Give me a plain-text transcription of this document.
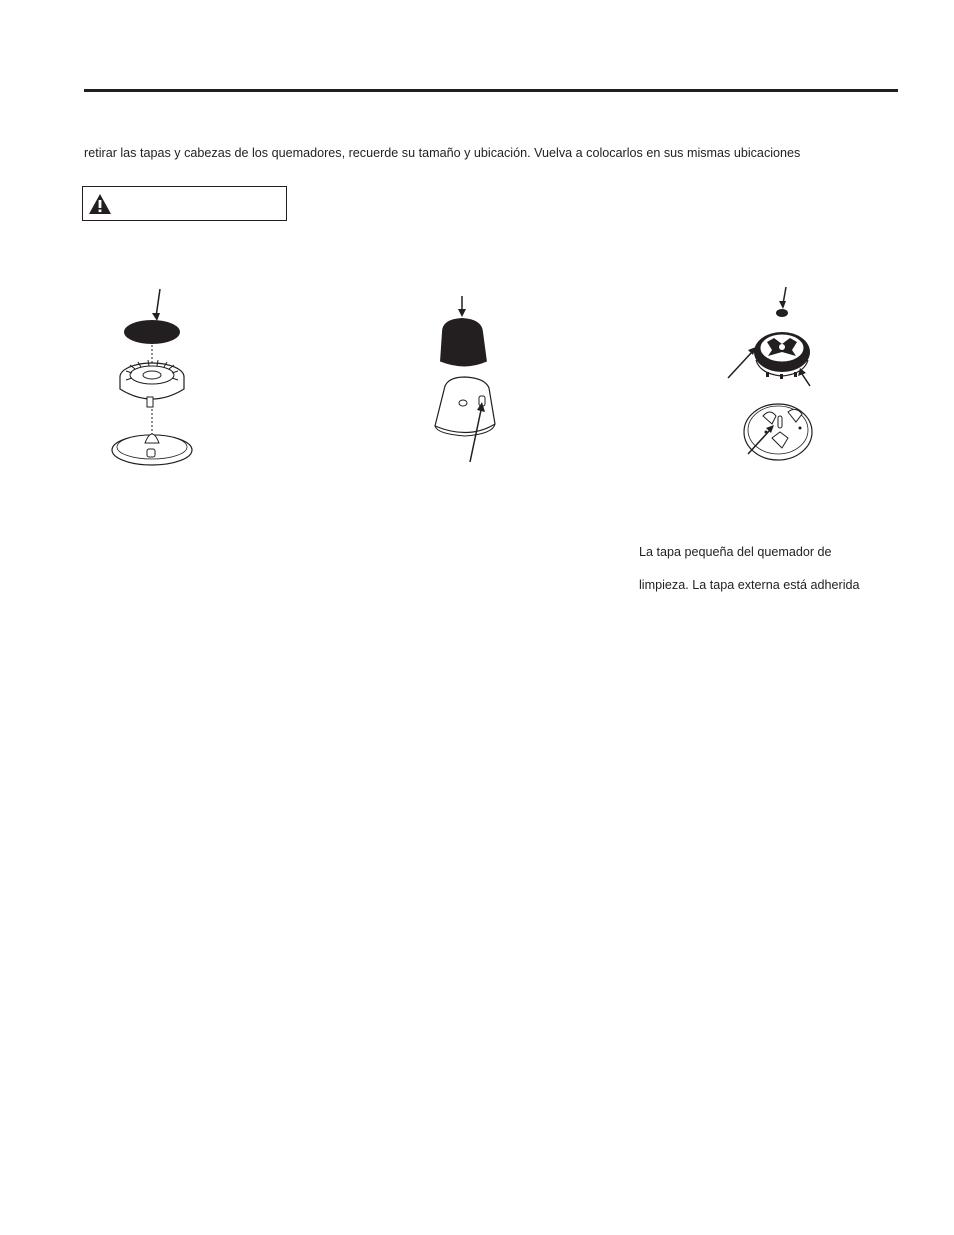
retirar las tapas y cabezas de los quemadores, recuerde su tamaño y ubicación. Vuelva a colocarlos en sus mismas ubicaciones
La tapa pequeña del quemador de
limpieza. La tapa externa está adherida
